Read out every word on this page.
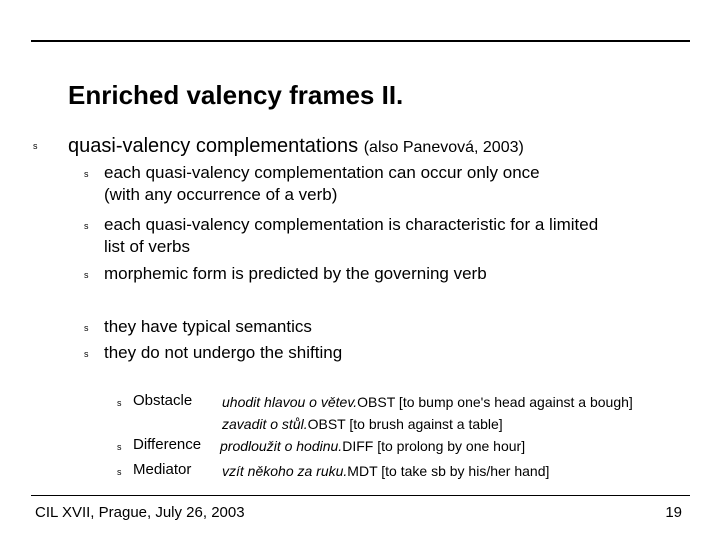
Enriched valency frames II.
s quasi-valency complementations (also Panevová, 2003)
s each quasi-valency complementation can occur only once
(with any occurrence of a verb)
s each quasi-valency complementation is characteristic for a limited
list of verbs
s morphemic form is predicted by the governing verb
s they have typical semantics
s they do not undergo the shifting
s Obstacle uhodit hlavou o větev.OBST [to bump one's head against a bough]
zavadit o stůl.OBST [to brush against a table]
s Difference prodloužit o hodinu.DIFF [to prolong by one hour]
s Mediator vzít někoho za ruku.MDT [to take sb by his/her hand]
CIL XVII, Prague, July 26, 2003	19
